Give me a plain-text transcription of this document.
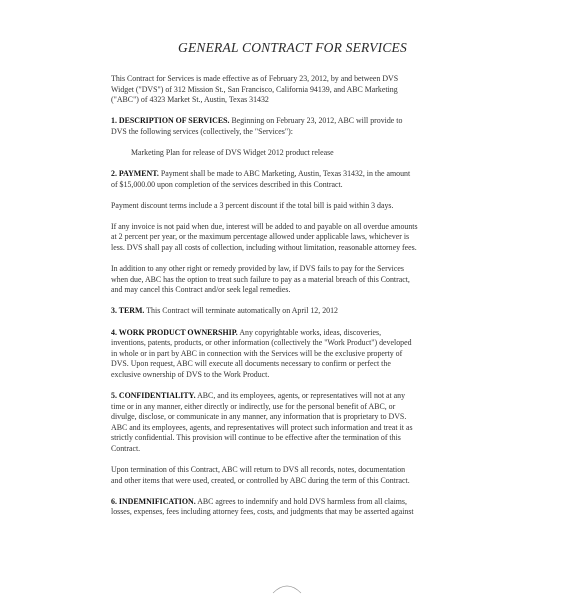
GENERAL CONTRACT FOR SERVICES
This Contract for Services is made effective as of February 23, 2012, by and between DVS
Widget ("DVS") of 312 Mission St., San Francisco, California 94139, and ABC Marketing
("ABC") of 4323 Market St., Austin, Texas 31432
1. DESCRIPTION OF SERVICES. Beginning on February 23, 2012, ABC will provide to
DVS the following services (collectively, the "Services"):
Marketing Plan for release of DVS Widget 2012 product release
2. PAYMENT. Payment shall be made to ABC Marketing, Austin, Texas 31432, in the amount
of $15,000.00 upon completion of the services described in this Contract.
Payment discount terms include a 3 percent discount if the total bill is paid within 3 days.
If any invoice is not paid when due, interest will be added to and payable on all overdue amounts
at 2 percent per year, or the maximum percentage allowed under applicable laws, whichever is
less. DVS shall pay all costs of collection, including without limitation, reasonable attorney fees.
In addition to any other right or remedy provided by law, if DVS fails to pay for the Services
when due, ABC has the option to treat such failure to pay as a material breach of this Contract,
and may cancel this Contract and/or seek legal remedies.
3. TERM. This Contract will terminate automatically on April 12, 2012
4. WORK PRODUCT OWNERSHIP. Any copyrightable works, ideas, discoveries,
inventions, patents, products, or other information (collectively the "Work Product") developed
in whole or in part by ABC in connection with the Services will be the exclusive property of
DVS. Upon request, ABC will execute all documents necessary to confirm or perfect the
exclusive ownership of DVS to the Work Product.
5. CONFIDENTIALITY. ABC, and its employees, agents, or representatives will not at any
time or in any manner, either directly or indirectly, use for the personal benefit of ABC, or
divulge, disclose, or communicate in any manner, any information that is proprietary to DVS.
ABC and its employees, agents, and representatives will protect such information and treat it as
strictly confidential. This provision will continue to be effective after the termination of this
Contract.
Upon termination of this Contract, ABC will return to DVS all records, notes, documentation
and other items that were used, created, or controlled by ABC during the term of this Contract.
6. INDEMNIFICATION. ABC agrees to indemnify and hold DVS harmless from all claims,
losses, expenses, fees including attorney fees, costs, and judgments that may be asserted against
